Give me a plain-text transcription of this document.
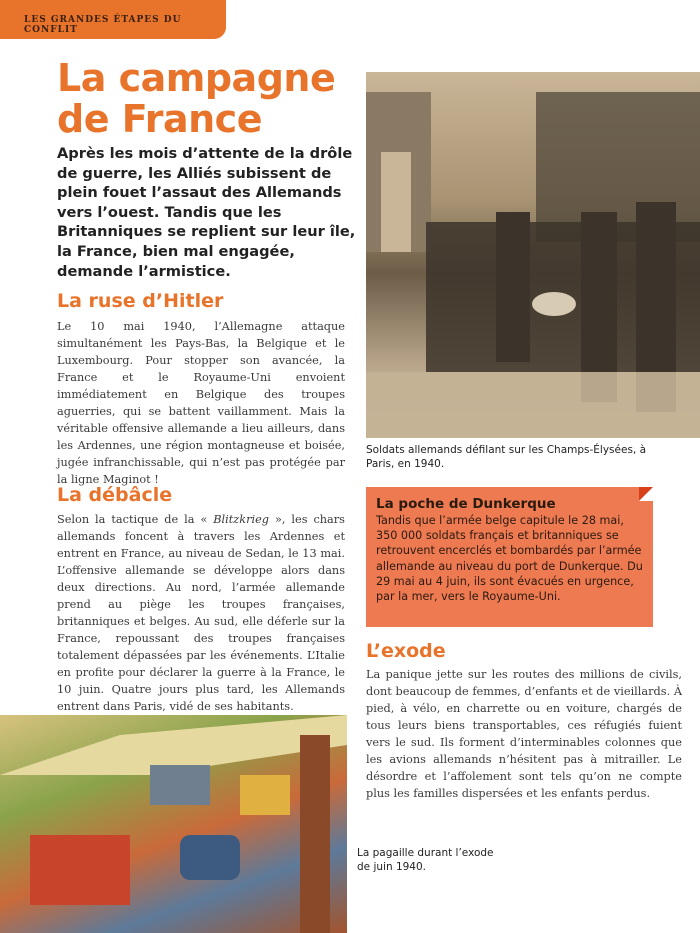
LES GRANDES ÉTAPES DU CONFLIT
La campagne de France

Après les mois d’attente de la drôle de guerre, les Alliés subissent de plein fouet l’assaut des Allemands vers l’ouest. Tandis que les Britanniques se replient sur leur île, la France, bien mal engagée, demande l’armistice.

La ruse d’Hitler

Le 10 mai 1940, l’Allemagne attaque simultanément les Pays-Bas, la Belgique et le Luxembourg. Pour stopper son avancée, la France et le Royaume-Uni envoient immédiatement en Belgique des troupes aguerries, qui se battent vaillamment. Mais la véritable offensive allemande a lieu ailleurs, dans les Ardennes, une région montagneuse et boisée, jugée infranchissable, qui n’est pas protégée par la ligne Maginot !

La débâcle

Selon la tactique de la « Blitzkrieg », les chars allemands foncent à travers les Ardennes et entrent en France, au niveau de Sedan, le 13 mai. L’offensive allemande se développe alors dans deux directions. Au nord, l’armée allemande prend au piège les troupes françaises, britanniques et belges. Au sud, elle déferle sur la France, repoussant des troupes françaises totalement dépassées par les événements. L’Italie en profite pour déclarer la guerre à la France, le 10 juin. Quatre jours plus tard, les Allemands entrent dans Paris, vidé de ses habitants.

Soldats allemands défilant sur les Champs-Élysées, à Paris, en 1940.

La poche de Dunkerque

Tandis que l’armée belge capitule le 28 mai, 350 000 soldats français et britanniques se retrouvent encerclés et bombardés par l’armée allemande au niveau du port de Dunkerque. Du 29 mai au 4 juin, ils sont évacués en urgence, par la mer, vers le Royaume-Uni.

L’exode

La panique jette sur les routes des millions de civils, dont beaucoup de femmes, d’enfants et de vieillards. À pied, à vélo, en charrette ou en voiture, chargés de tous leurs biens transportables, ces réfugiés fuient vers le sud. Ils forment d’interminables colonnes que les avions allemands n’hésitent pas à mitrailler. Le désordre et l’affolement sont tels qu’on ne compte plus les familles dispersées et les enfants perdus.

La pagaille durant l’exode de juin 1940.
